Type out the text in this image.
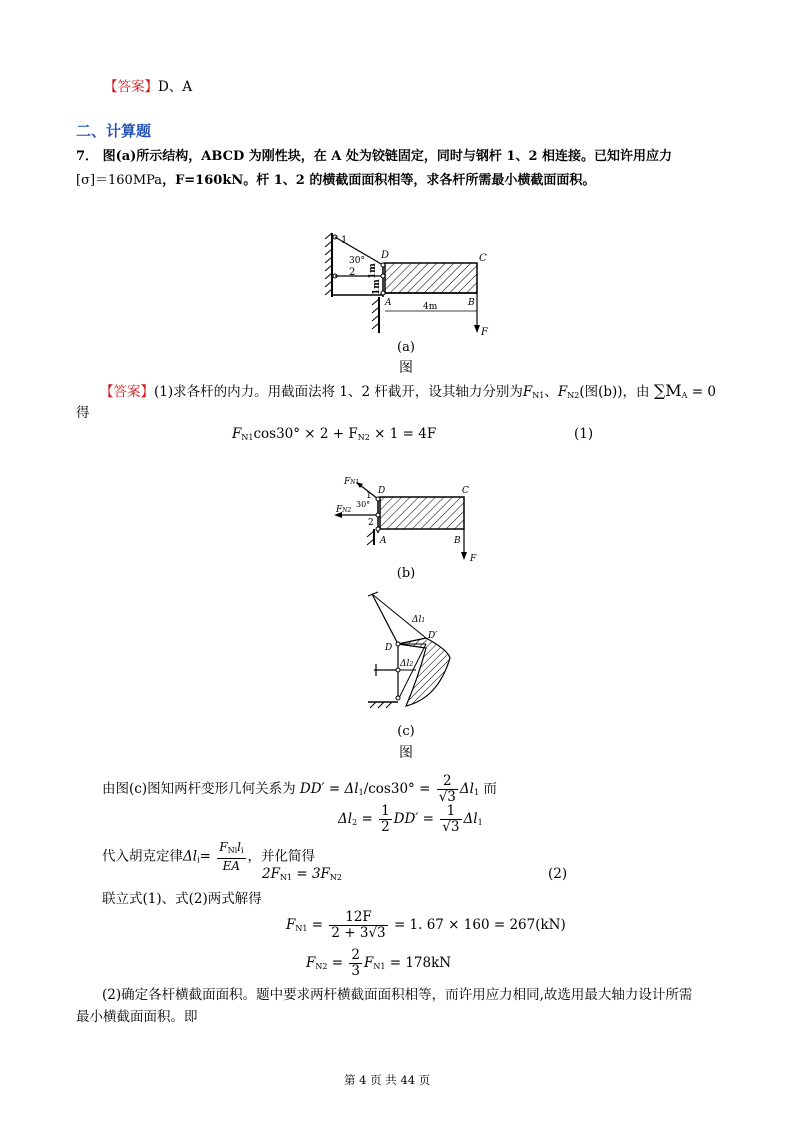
【答案】D、A
二、计算题
7． 图(a)所示结构，ABCD 为刚性块，在 A 处为铰链固定，同时与钢杆 1、2 相连接。已知许用应力
[σ]＝160MPa，F=160kN。杆 1、2 的横截面面积相等，求各杆所需最小横截面面积。
1
30°
2
D	C
A	B
F
1m
1m
4m
(a)
图
【答案】(1)求各杆的内力。用截面法将 1、2 杆截开，设其轴力分别为$F_{N1}$、$F_{N2}$(图(b))，由 $\sum M_A = 0$
得
$F_{N1}\cos 30^\circ \times 2 + F_{N2} \times 1 = 4F$	(1)
FN1
FN2
1
30°
2
D	C
A	B
F
(b)
Δl1
Δl2
D
D′
(c)
图
由图(c)图知两杆变形几何关系为 $DD' = \Delta l_1/\cos 30^\circ = \frac{2}{√3} \Delta l_1$ 而
$\Delta l_2 = \frac{1}{2} DD' = \frac{1}{√3} \Delta l_1$
代入胡克定律$\Delta l_i= \frac{F_{Ni}l_i}{EA}$ ，并化简得
$2F_{N1} = 3F_{N2}$	(2)
联立式(1)、式(2)两式解得
$F_{N1} = \frac{12F}{2 + 3√3} = 1$. 67 × 160 = 267(kN)
$F_{N2} = \frac{2}{3} F_{N1} = 178kN$
(2)确定各杆横截面面积。题中要求两杆横截面面积相等，而许用应力相同,故选用最大轴力设计所需
最小横截面面积。即
第 4 页 共 44 页
